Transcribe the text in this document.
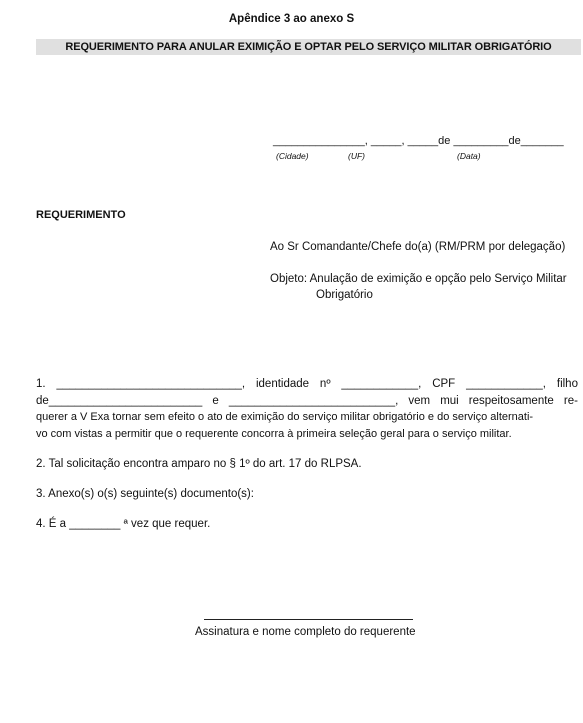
Apêndice 3 ao anexo S
REQUERIMENTO PARA ANULAR EXIMIÇÃO E OPTAR PELO SERVIÇO MILITAR OBRIGATÓRIO
_______________, _____, _____de _________de_______
(Cidade)	(UF)	(Data)
REQUERIMENTO
Ao Sr Comandante/Chefe do(a) (RM/PRM por delegação)
Objeto: Anulação de eximição e opção pelo Serviço Militar
Obrigatório
1. _____________________________, identidade nº ____________, CPF ____________, filho
de________________________ e __________________________, vem mui respeitosamente re-
querer a V Exa tornar sem efeito o ato de eximição do serviço militar obrigatório e do serviço alternati-
vo com vistas a permitir que o requerente concorra à primeira seleção geral para o serviço militar.
2. Tal solicitação encontra amparo no § 1º do art. 17 do RLPSA.
3. Anexo(s) o(s) seguinte(s) documento(s):
4. É a ________ ª vez que requer.
Assinatura e nome completo do requerente
